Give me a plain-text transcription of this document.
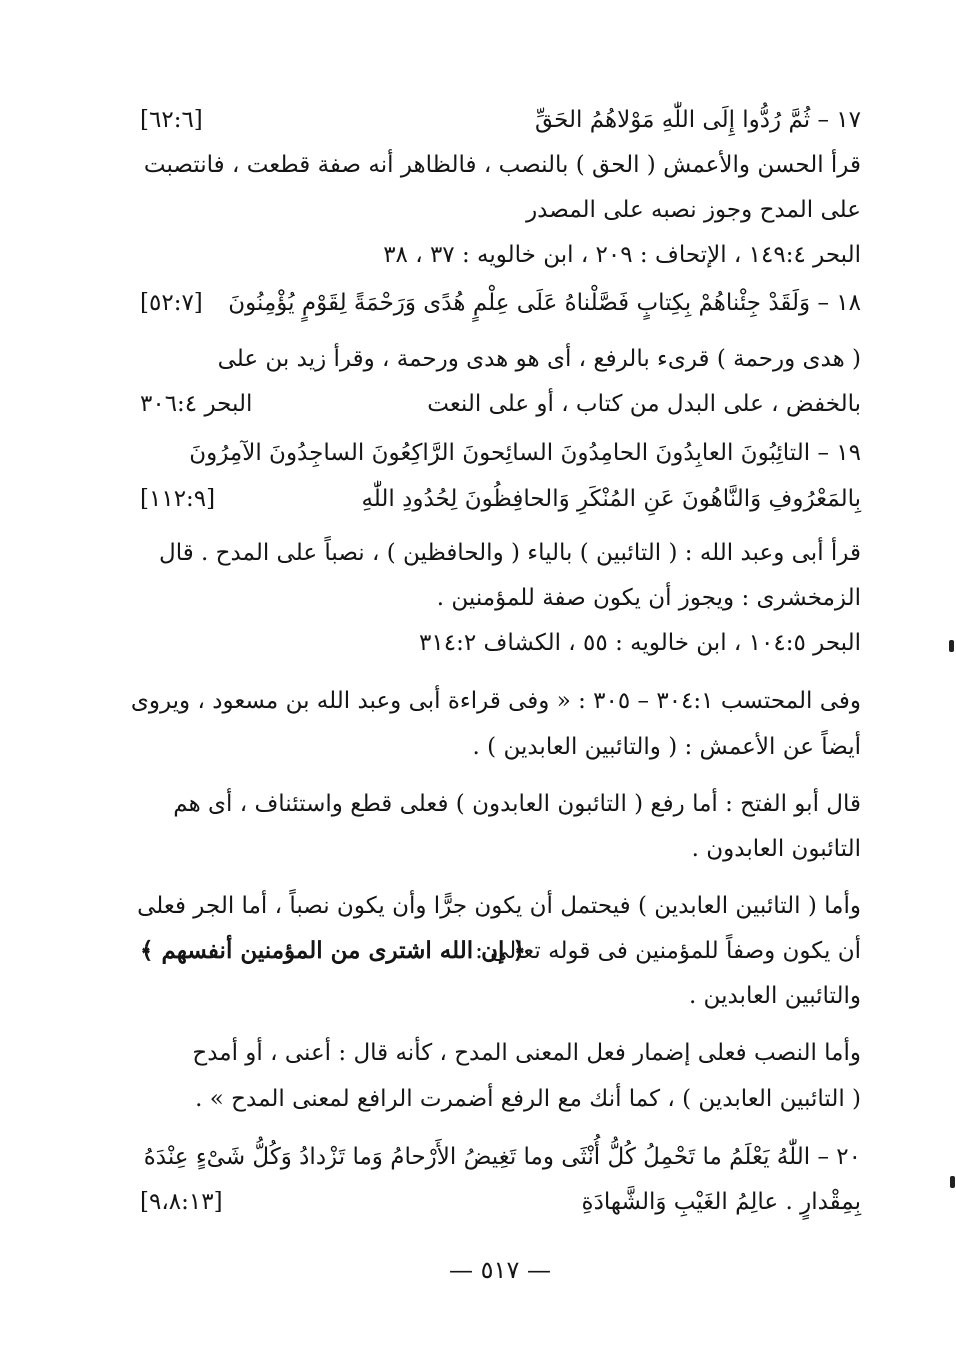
١٧ – ثُمَّ رُدُّوا إِلَى اللّٰهِ مَوْلاهُمُ الحَقِّ
[٦٢:٦]
قرأ الحسن والأعمش ( الحق ) بالنصب ، فالظاهر أنه صفة قطعت ، فانتصبت
على المدح وجوز نصبه على المصدر
البحر ١٤٩:٤ ، الإتحاف : ٢٠٩ ، ابن خالويه : ٣٧ ، ٣٨
١٨ – وَلَقَدْ جِئْناهُمْ بِكِتابٍ فَصَّلْناهُ عَلَى عِلْمٍ هُدًى وَرَحْمَةً لِقَوْمٍ يُؤْمِنُونَ
[٥٢:٧]
( هدى ورحمة ) قرىء بالرفع ، أى هو هدى ورحمة ، وقرأ زيد بن على
بالخفض ، على البدل من كتاب ، أو على النعت
البحر ٣٠٦:٤
١٩ – التائِبُونَ العابِدُونَ الحامِدُونَ السائِحونَ الرَّاكِعُونَ الساجِدُونَ الآمِرُونَ
بِالمَعْرُوفِ وَالنَّاهُونَ عَنِ المُنْكَرِ وَالحافِظُونَ لِحُدُودِ اللّٰهِ
[١١٢:٩]
قرأ أبى وعبد الله : ( التائبين ) بالياء ( والحافظين ) ، نصباً على المدح . قال
الزمخشرى : ويجوز أن يكون صفة للمؤمنين .
البحر ١٠٤:٥ ، ابن خالويه : ٥٥ ، الكشاف ٣١٤:٢
وفى المحتسب ٣٠٤:١ – ٣٠٥ : « وفى قراءة أبى وعبد الله بن مسعود ، ويروى
أيضاً عن الأعمش : ( والتائبين العابدين ) .
قال أبو الفتح : أما رفع ( التائبون العابدون ) فعلى قطع واستئناف ، أى هم
التائبون العابدون .
وأما ( التائبين العابدين ) فيحتمل أن يكون جرًّا وأن يكون نصباً ، أما الجر فعلى
أن يكون وصفاً للمؤمنين فى قوله تعالى :
﴿ إن الله اشترى من المؤمنين أنفسهم ﴾
والتائبين العابدين .
وأما النصب فعلى إضمار فعل المعنى المدح ، كأنه قال : أعنى ، أو أمدح
( التائبين العابدين ) ، كما أنك مع الرفع أضمرت الرافع لمعنى المدح » .
٢٠ – اللّٰهُ يَعْلَمُ ما تَحْمِلُ كُلُّ أُنْثَى وما تَغِيضُ الأَرْحامُ وَما تَزْدادُ وَكُلُّ شَىْءٍ عِنْدَهُ
بِمِقْدارٍ . عالِمُ الغَيْبِ وَالشَّهادَةِ
[٩،٨:١٣]
— ٥١٧ —
